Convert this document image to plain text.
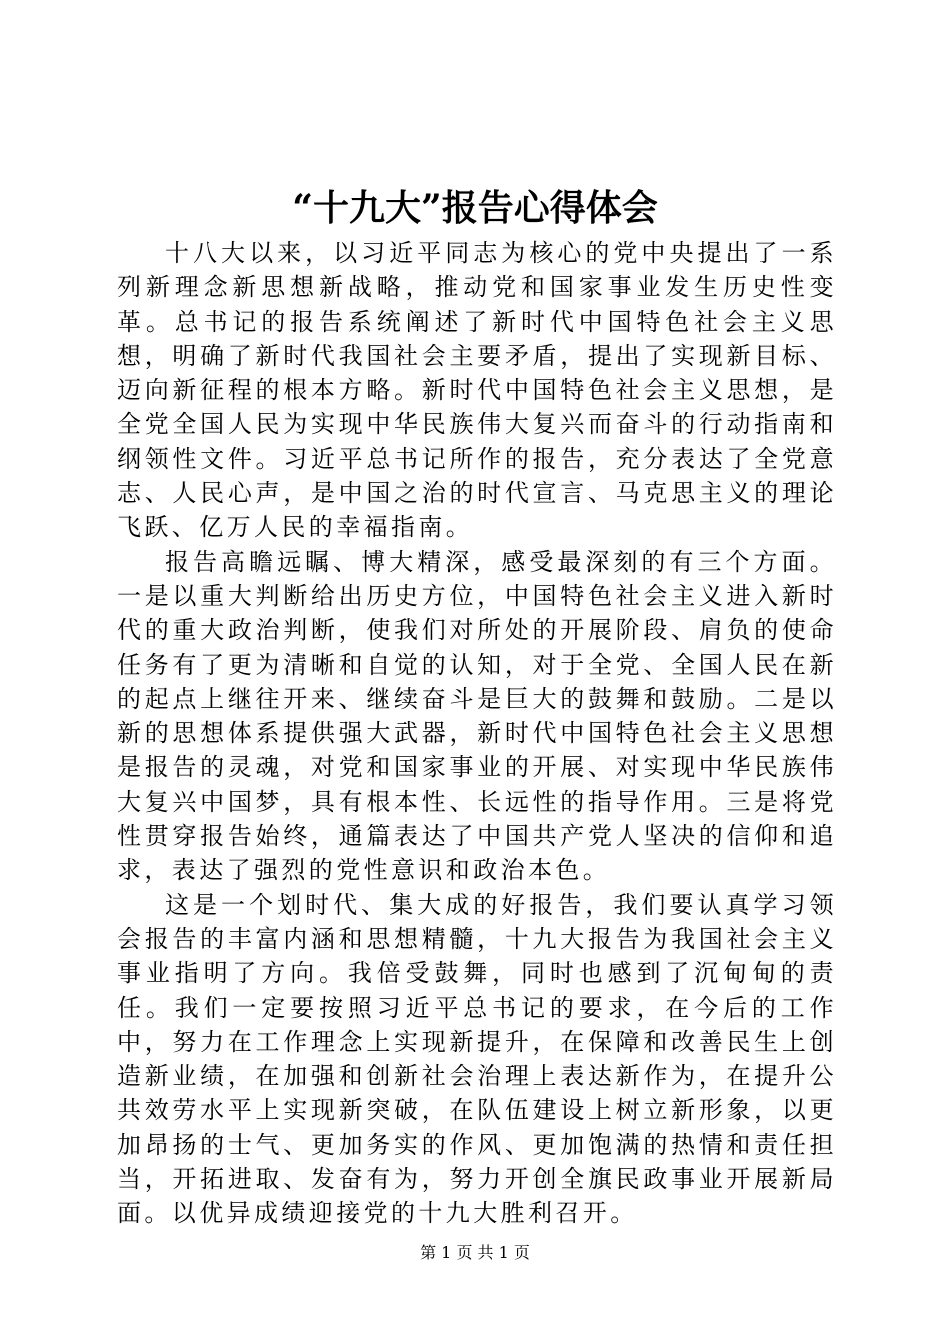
“十九大”报告心得体会

十八大以来，以习近平同志为核心的党中央提出了一系列新理念新思想新战略，推动党和国家事业发生历史性变革。总书记的报告系统阐述了新时代中国特色社会主义思想，明确了新时代我国社会主要矛盾，提出了实现新目标、迈向新征程的根本方略。新时代中国特色社会主义思想，是全党全国人民为实现中华民族伟大复兴而奋斗的行动指南和纲领性文件。习近平总书记所作的报告，充分表达了全党意志、人民心声，是中国之治的时代宣言、马克思主义的理论飞跃、亿万人民的幸福指南。

报告高瞻远瞩、博大精深，感受最深刻的有三个方面。一是以重大判断给出历史方位，中国特色社会主义进入新时代的重大政治判断，使我们对所处的开展阶段、肩负的使命任务有了更为清晰和自觉的认知，对于全党、全国人民在新的起点上继往开来、继续奋斗是巨大的鼓舞和鼓励。二是以新的思想体系提供强大武器，新时代中国特色社会主义思想是报告的灵魂，对党和国家事业的开展、对实现中华民族伟大复兴中国梦，具有根本性、长远性的指导作用。三是将党性贯穿报告始终，通篇表达了中国共产党人坚决的信仰和追求，表达了强烈的党性意识和政治本色。

这是一个划时代、集大成的好报告，我们要认真学习领会报告的丰富内涵和思想精髓，十九大报告为我国社会主义事业指明了方向。我倍受鼓舞，同时也感到了沉甸甸的责任。我们一定要按照习近平总书记的要求，在今后的工作中，努力在工作理念上实现新提升，在保障和改善民生上创造新业绩，在加强和创新社会治理上表达新作为，在提升公共效劳水平上实现新突破，在队伍建设上树立新形象，以更加昂扬的士气、更加务实的作风、更加饱满的热情和责任担当，开拓进取、发奋有为，努力开创全旗民政事业开展新局面。以优异成绩迎接党的十九大胜利召开。

第 1 页 共 1 页
